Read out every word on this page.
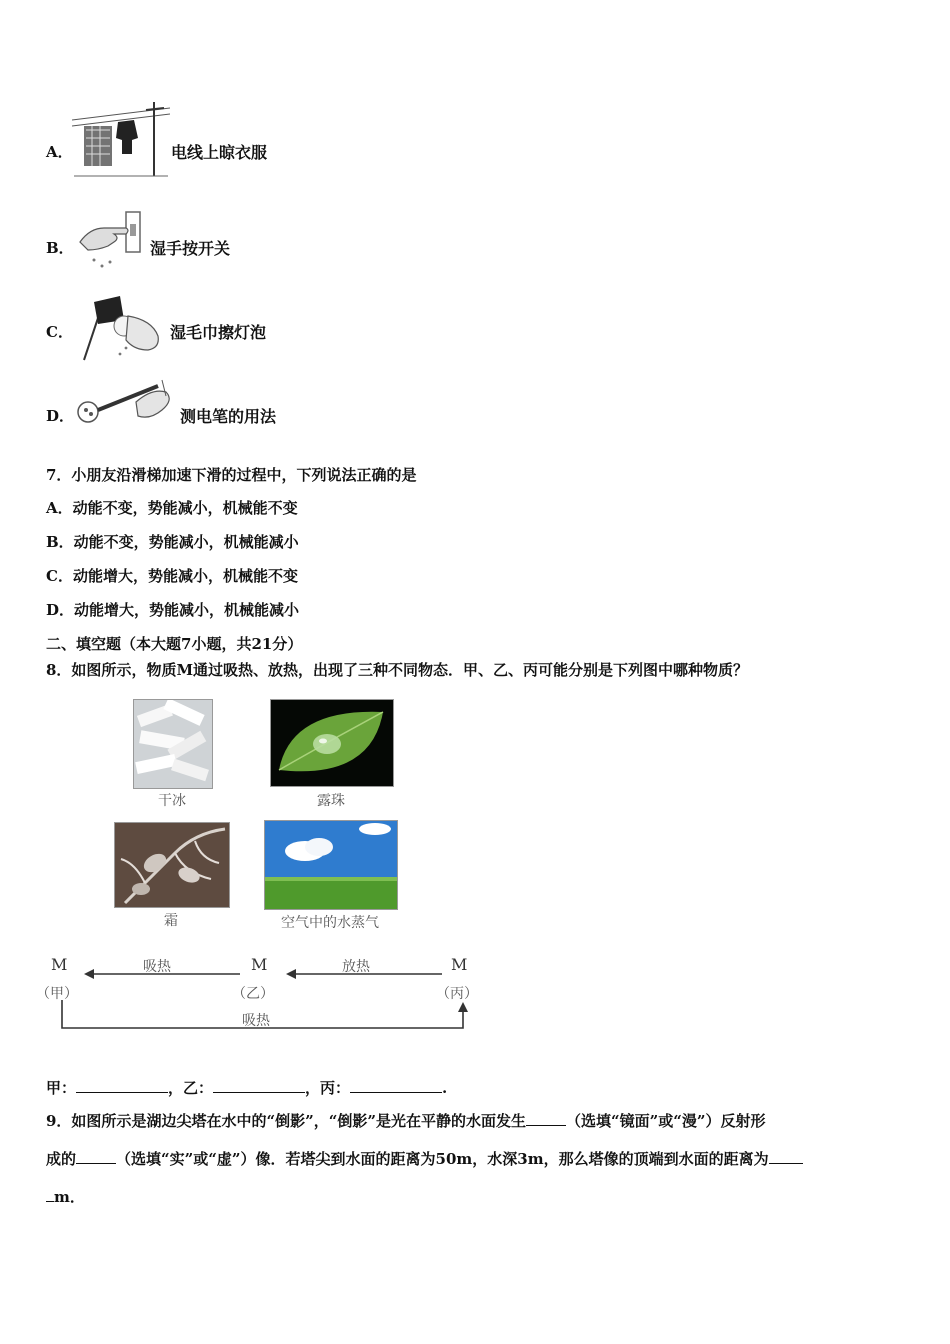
A．	电线上晾衣服
B．	湿手按开关
C．	湿毛巾擦灯泡
D．	测电笔的用法
7．小朋友沿滑梯加速下滑的过程中，下列说法正确的是
A．动能不变，势能减小，机械能不变
B．动能不变，势能减小，机械能减小
C．动能增大，势能减小，机械能不变
D．动能增大，势能减小，机械能减小
二、填空题（本大题7小题，共21分）
8．如图所示，物质M通过吸热、放热，出现了三种不同物态．甲、乙、丙可能分别是下列图中哪种物质？
干冰	露珠
霜	空气中的水蒸气
M	M	M
（甲）	（乙）	（丙）
吸热	放热
吸热
甲：	，乙：	，丙：	.
9．如图所示是湖边尖塔在水中的“倒影”，“倒影”是光在平静的水面发生	（选填“镜面”或“漫”）反射形
成的	（选填“实”或“虚”）像．若塔尖到水面的距离为50m，水深3m，那么塔像的顶端到水面的距离为
m．
